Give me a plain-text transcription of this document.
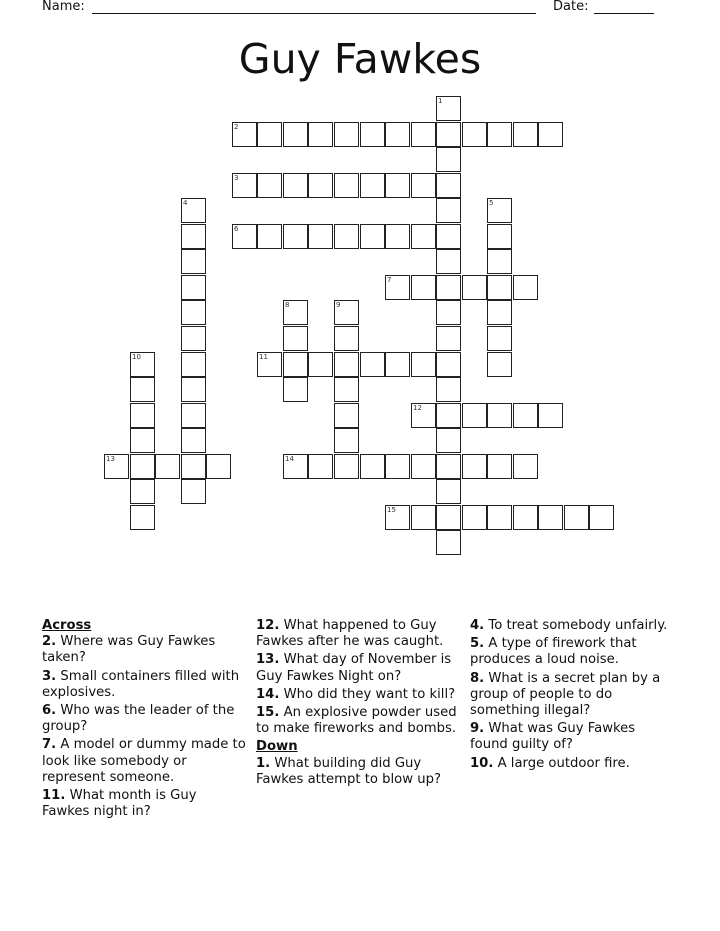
Name:	Date:
Guy Fawkes
2
3
6
7
11
12
13	14
15
1
4	5
8	9
10
Across
2. Where was Guy Fawkes taken?
3. Small containers filled with explosives.
6. Who was the leader of the group?
7. A model or dummy made to look like somebody or represent someone.
11. What month is Guy Fawkes night in?
12. What happened to Guy Fawkes after he was caught.
13. What day of November is Guy Fawkes Night on?
14. Who did they want to kill?
15. An explosive powder used to make fireworks and bombs.
Down
1. What building did Guy Fawkes attempt to blow up?
4. To treat somebody unfairly.
5. A type of firework that produces a loud noise.
8. What is a secret plan by a group of people to do something illegal?
9. What was Guy Fawkes found guilty of?
10. A large outdoor fire.
